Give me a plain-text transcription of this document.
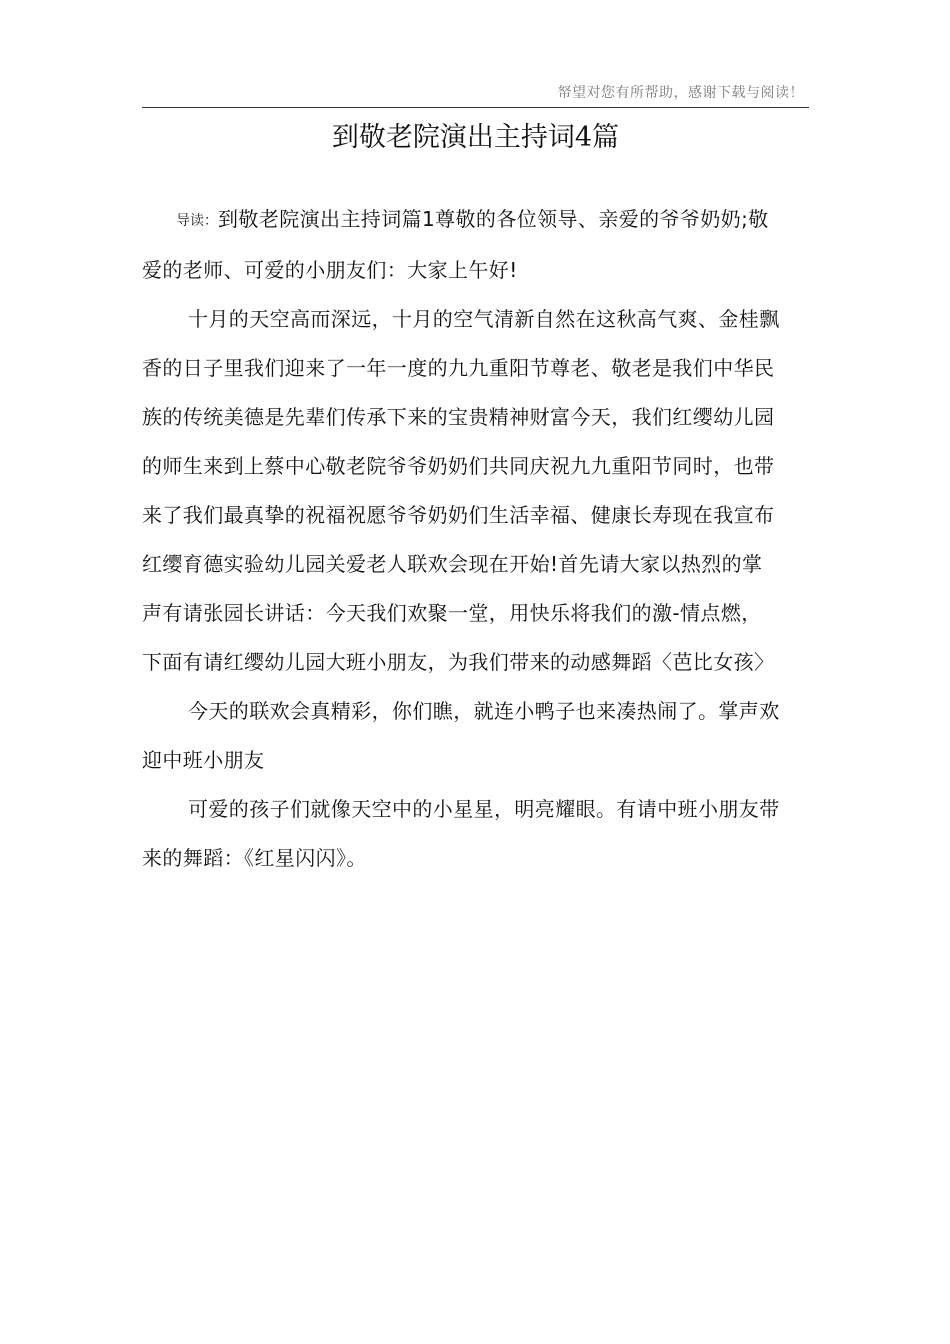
帑望对您有所帮助，感谢下载与阅读！
到敬老院演出主持词4篇

导读：到敬老院演出主持词篇1尊敬的各位领导、亲爱的爷爷奶奶;敬
爱的老师、可爱的小朋友们：大家上午好!

十月的天空高而深远，十月的空气清新自然在这秋高气爽、金桂飘
香的日子里我们迎来了一年一度的九九重阳节尊老、敬老是我们中华民
族的传统美德是先辈们传承下来的宝贵精神财富今天，我们红缨幼儿园
的师生来到上蔡中心敬老院爷爷奶奶们共同庆祝九九重阳节同时，也带
来了我们最真挚的祝福祝愿爷爷奶奶们生活幸福、健康长寿现在我宣布
红缨育德实验幼儿园关爱老人联欢会现在开始!首先请大家以热烈的掌
声有请张园长讲话：今天我们欢聚一堂，用快乐将我们的激-情点燃，
下面有请红缨幼儿园大班小朋友，为我们带来的动感舞蹈〈芭比女孩〉

今天的联欢会真精彩，你们瞧，就连小鸭子也来凑热闹了。掌声欢
迎中班小朋友

可爱的孩子们就像天空中的小星星，明亮耀眼。有请中班小朋友带
来的舞蹈：《红星闪闪》。
